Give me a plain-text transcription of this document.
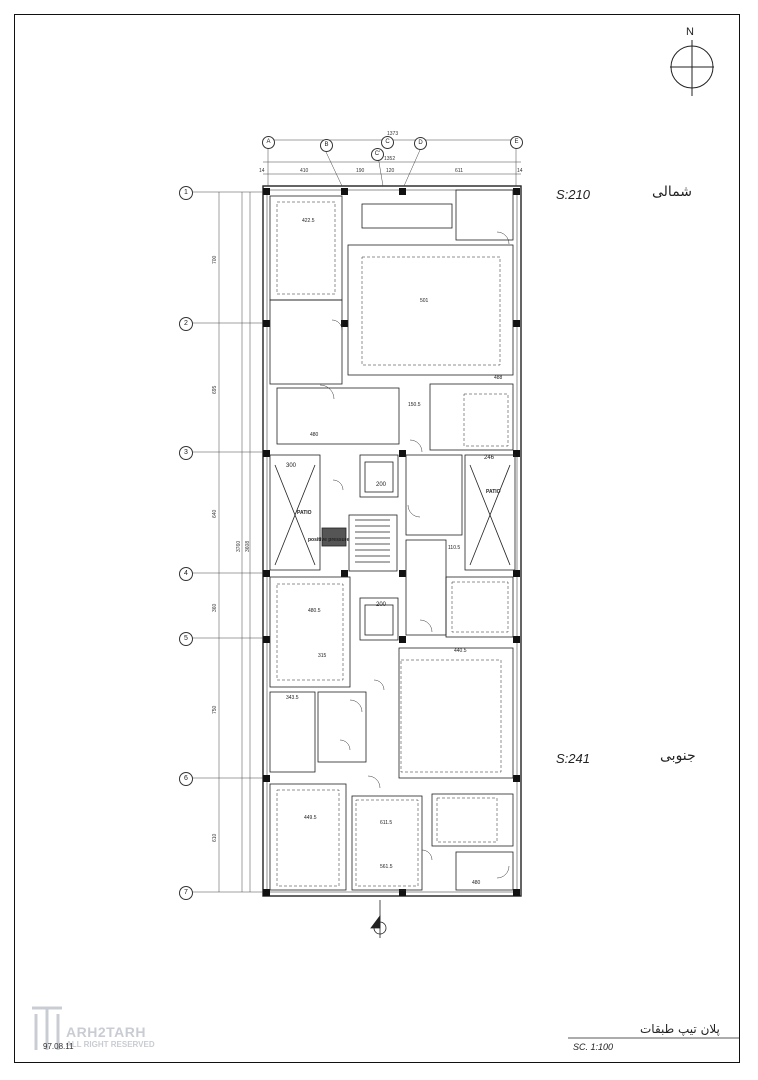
N
شمالی
S:210
جنوبی
S:241
A	B	C
C'
D	E
1373
1352
14	410	190	120	611	14
1
2
3
4
5
6
7
700
695
640
360
750
610
3760 3608
PATIO
PATIO
positive pressure
422.5
501
300
200
200
480
150.5
246
480.5
440.5
315
611.5
343.5
449.5
561.5
488
480
110.5
پلان تیپ طبقات
SC. 1:100
ARH2TARH
ALL RIGHT RESERVED
97.08.11
